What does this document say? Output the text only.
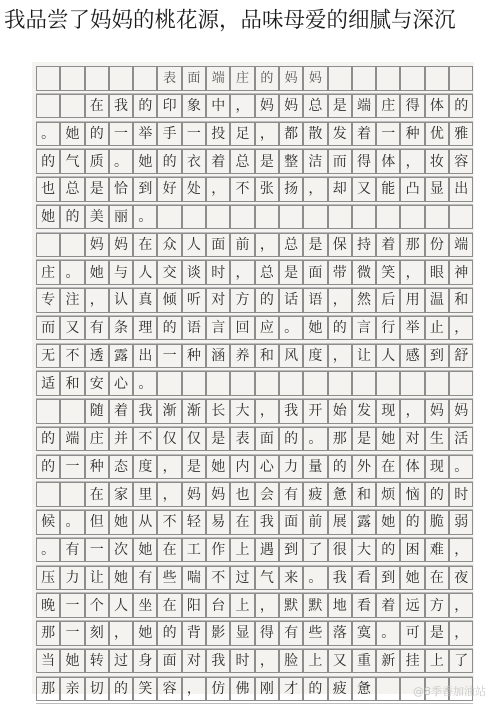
我品尝了妈妈的桃花源，品味母爱的细腻与深沉
表 面 端 庄 的 妈 妈
在 我 的 印 象 中 ， 妈 妈 总 是 端 庄 得 体 的
。 她 的 一 举 手 一 投 足 ， 都 散 发 着 一 种 优 雅
的 气 质 。 她 的 衣 着 总 是 整 洁 而 得 体 ， 妆 容
也 总 是 恰 到 好 处 ， 不 张 扬 ， 却 又 能 凸 显 出
她 的 美 丽 。
妈 妈 在 众 人 面 前 ， 总 是 保 持 着 那 份 端
庄 。 她 与 人 交 谈 时 ， 总 是 面 带 微 笑 ， 眼 神
专 注 ， 认 真 倾 听 对 方 的 话 语 ， 然 后 用 温 和
而 又 有 条 理 的 语 言 回 应 。 她 的 言 行 举 止 ，
无 不 透 露 出 一 种 涵 养 和 风 度 ， 让 人 感 到 舒
适 和 安 心 。
随 着 我 渐 渐 长 大 ， 我 开 始 发 现 ， 妈 妈
的 端 庄 并 不 仅 仅 是 表 面 的 。 那 是 她 对 生 活
的 一 种 态 度 ， 是 她 内 心 力 量 的 外 在 体 现 。
在 家 里 ， 妈 妈 也 会 有 疲 惫 和 烦 恼 的 时
候 。 但 她 从 不 轻 易 在 我 面 前 展 露 她 的 脆 弱
。 有 一 次 她 在 工 作 上 遇 到 了 很 大 的 困 难 ，
压 力 让 她 有 些 喘 不 过 气 来 。 我 看 到 她 在 夜
晚 一 个 人 坐 在 阳 台 上 ， 默 默 地 看 着 远 方 ，
那 一 刻 ， 她 的 背 影 显 得 有 些 落 寞 。 可 是 ，
当 她 转 过 身 面 对 我 时 ， 脸 上 又 重 新 挂 上 了
那 亲 切 的 笑 容 ， 仿 佛 刚 才 的 疲 惫	@8季香加油站
